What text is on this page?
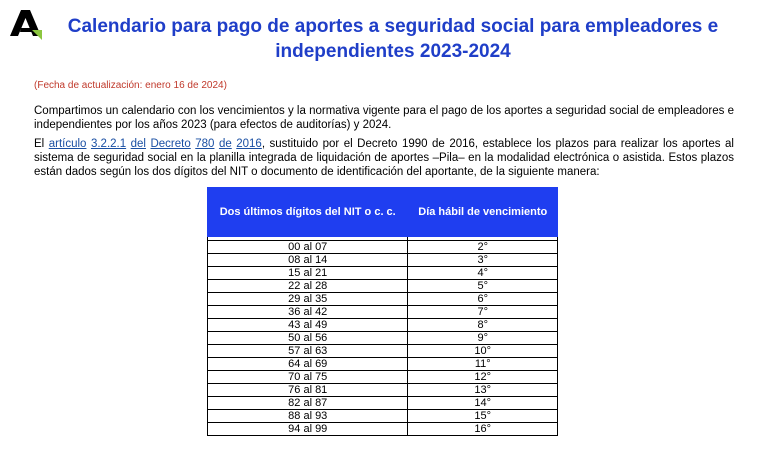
Calendario para pago de aportes a seguridad social para empleadores e independientes 2023-2024

(Fecha de actualización: enero 16 de 2024)

Compartimos un calendario con los vencimientos y la normativa vigente para el pago de los aportes a seguridad social de empleadores e independientes por los años 2023 (para efectos de auditorías) y 2024.

El artículo 3.2.2.1 del Decreto 780 de 2016, sustituido por el Decreto 1990 de 2016, establece los plazos para realizar los aportes al sistema de seguridad social en la planilla integrada de liquidación de aportes –Pila– en la modalidad electrónica o asistida. Estos plazos están dados según los dos dígitos del NIT o documento de identificación del aportante, de la siguiente manera:

Dos últimos dígitos del NIT o c. c.	Día hábil de vencimiento

00 al 07	2°
08 al 14	3°
15 al 21	4°
22 al 28	5°
29 al 35	6°
36 al 42	7°
43 al 49	8°
50 al 56	9°
57 al 63	10°
64 al 69	11°
70 al 75	12°
76 al 81	13°
82 al 87	14°
88 al 93	15°
94 al 99	16°
